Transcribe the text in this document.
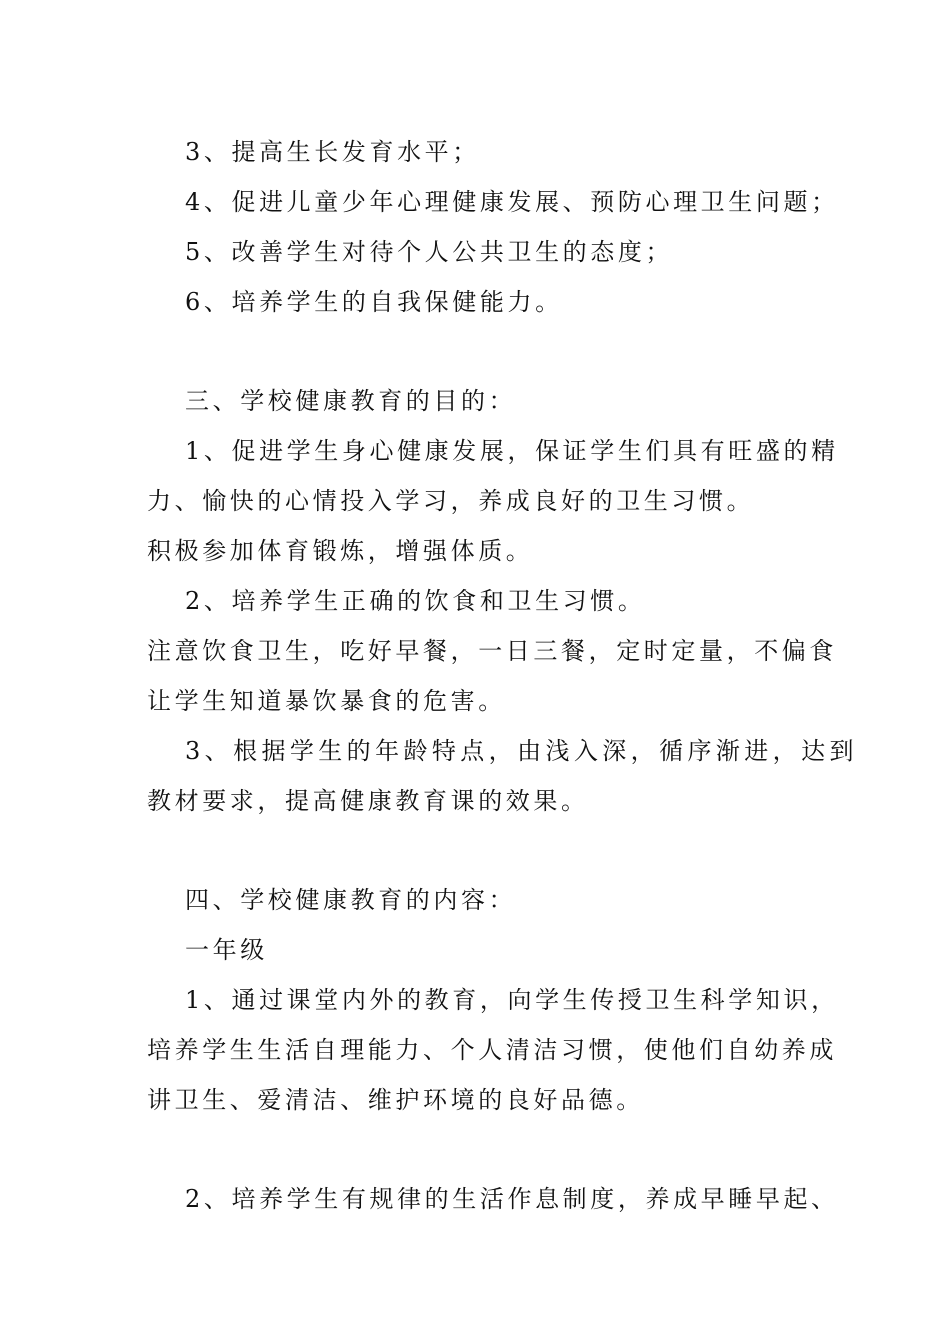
3、提高生长发育水平；
4、促进儿童少年心理健康发展、预防心理卫生问题；
5、改善学生对待个人公共卫生的态度；
6、培养学生的自我保健能力。
三、学校健康教育的目的：
1、促进学生身心健康发展，保证学生们具有旺盛的精
力、愉快的心情投入学习，养成良好的卫生习惯。
积极参加体育锻炼，增强体质。
2、培养学生正确的饮食和卫生习惯。
注意饮食卫生，吃好早餐，一日三餐，定时定量，不偏食
让学生知道暴饮暴食的危害。
3、根据学生的年龄特点，由浅入深，循序渐进，达到
教材要求，提高健康教育课的效果。
四、学校健康教育的内容：
一年级
1、通过课堂内外的教育，向学生传授卫生科学知识，
培养学生生活自理能力、个人清洁习惯，使他们自幼养成
讲卫生、爱清洁、维护环境的良好品德。
2、培养学生有规律的生活作息制度，养成早睡早起、
